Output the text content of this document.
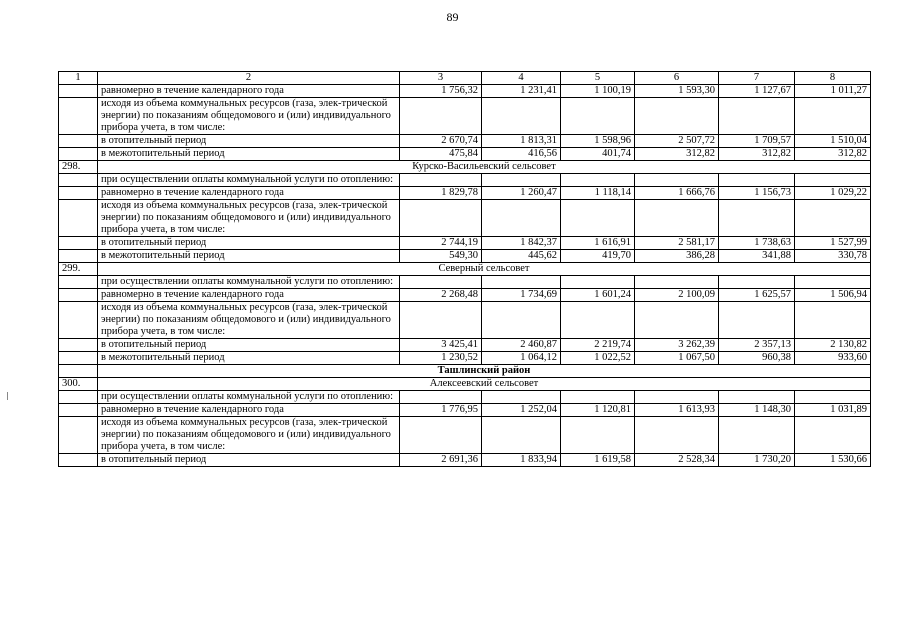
89
1	2	3	4	5	6	7	8
	равномерно в течение календарного года	1 756,32	1 231,41	1 100,19	1 593,30	1 127,67	1 011,27
	исходя из объема коммунальных ресурсов (газа, элек-трической энергии) по показаниям общедомового и (или) индивидуального прибора учета, в том числе:						
	в отопительный период	2 670,74	1 813,31	1 598,96	2 507,72	1 709,57	1 510,04
	в межотопительный период	475,84	416,56	401,74	312,82	312,82	312,82
298.	Курско-Васильевский сельсовет						
	при осуществлении оплаты коммунальной услуги по отоплению:						
	равномерно в течение календарного года	1 829,78	1 260,47	1 118,14	1 666,76	1 156,73	1 029,22
	исходя из объема коммунальных ресурсов (газа, элек-трической энергии) по показаниям общедомового и (или) индивидуального прибора учета, в том числе:						
	в отопительный период	2 744,19	1 842,37	1 616,91	2 581,17	1 738,63	1 527,99
	в межотопительный период	549,30	445,62	419,70	386,28	341,88	330,78
299.	Северный сельсовет						
	при осуществлении оплаты коммунальной услуги по отоплению:						
	равномерно в течение календарного года	2 268,48	1 734,69	1 601,24	2 100,09	1 625,57	1 506,94
	исходя из объема коммунальных ресурсов (газа, элек-трической энергии) по показаниям общедомового и (или) индивидуального прибора учета, в том числе:						
	в отопительный период	3 425,41	2 460,87	2 219,74	3 262,39	2 357,13	2 130,82
	в межотопительный период	1 230,52	1 064,12	1 022,52	1 067,50	960,38	933,60
	Ташлинский район						
300.	Алексеевский сельсовет						
	при осуществлении оплаты коммунальной услуги по отоплению:						
	равномерно в течение календарного года	1 776,95	1 252,04	1 120,81	1 613,93	1 148,30	1 031,89
	исходя из объема коммунальных ресурсов (газа, элек-трической энергии) по показаниям общедомового и (или) индивидуального прибора учета, в том числе:						
	в отопительный период	2 691,36	1 833,94	1 619,58	2 528,34	1 730,20	1 530,66
